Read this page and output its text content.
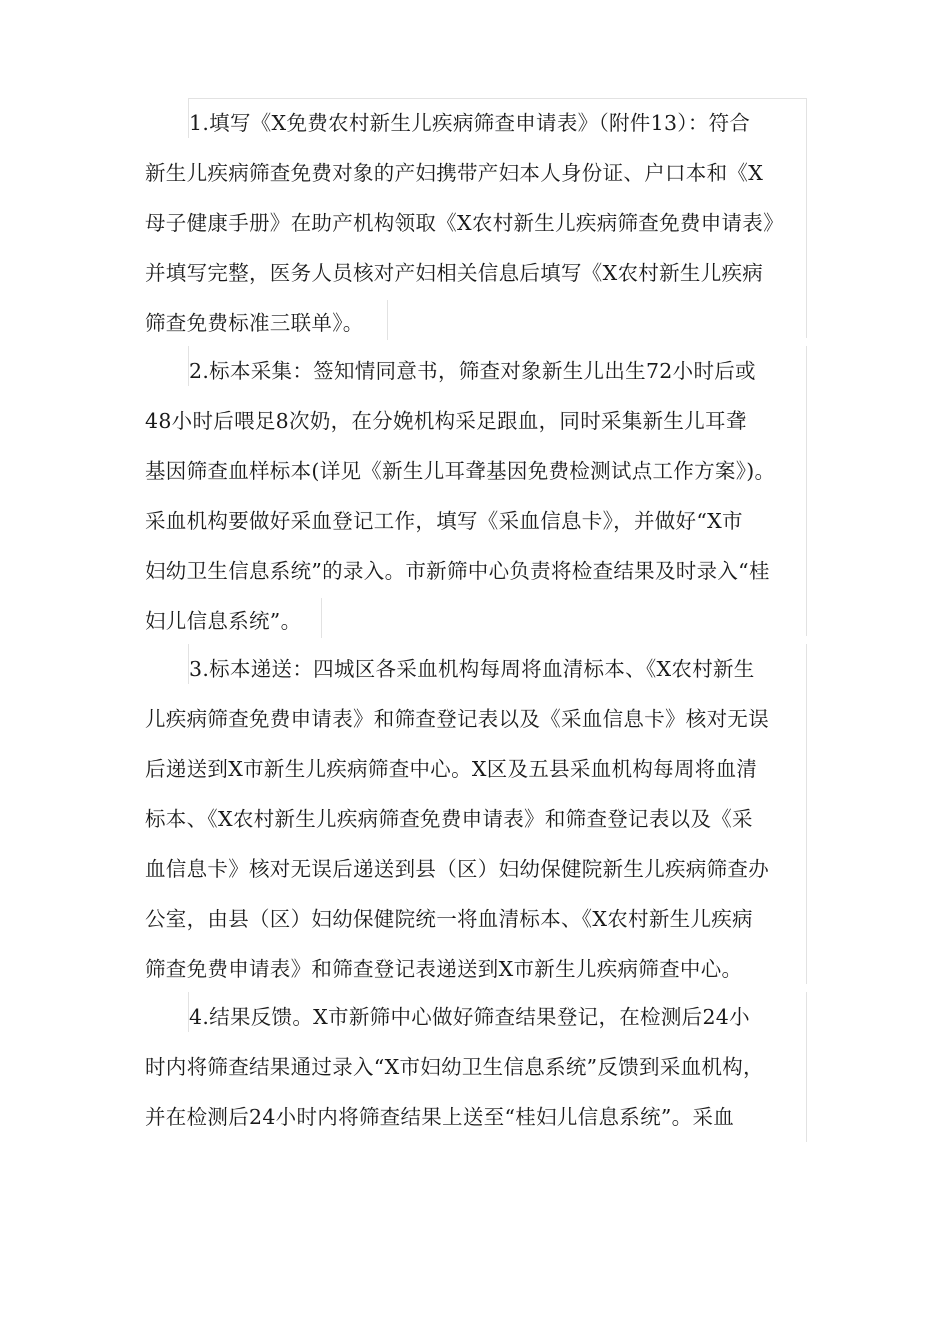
1.填写《X免费农村新生儿疾病筛查申请表》（附件13）：符合
新生儿疾病筛查免费对象的产妇携带产妇本人身份证、户口本和《X
母子健康手册》在助产机构领取《X农村新生儿疾病筛查免费申请表》
并填写完整，医务人员核对产妇相关信息后填写《X农村新生儿疾病
筛查免费标准三联单》。
2.标本采集：签知情同意书，筛查对象新生儿出生72小时后或
48小时后喂足8次奶，在分娩机构采足跟血，同时采集新生儿耳聋
基因筛查血样标本(详见《新生儿耳聋基因免费检测试点工作方案》)。
采血机构要做好采血登记工作，填写《采血信息卡》，并做好“X市
妇幼卫生信息系统”的录入。市新筛中心负责将检查结果及时录入“桂
妇儿信息系统”。
3.标本递送：四城区各采血机构每周将血清标本、《X农村新生
儿疾病筛查免费申请表》和筛查登记表以及《采血信息卡》核对无误
后递送到X市新生儿疾病筛查中心。X区及五县采血机构每周将血清
标本、《X农村新生儿疾病筛查免费申请表》和筛查登记表以及《采
血信息卡》核对无误后递送到县（区）妇幼保健院新生儿疾病筛查办
公室，由县（区）妇幼保健院统一将血清标本、《X农村新生儿疾病
筛查免费申请表》和筛查登记表递送到X市新生儿疾病筛查中心。
4.结果反馈。X市新筛中心做好筛查结果登记，在检测后24小
时内将筛查结果通过录入“X市妇幼卫生信息系统”反馈到采血机构，
并在检测后24小时内将筛查结果上送至“桂妇儿信息系统”。采血
